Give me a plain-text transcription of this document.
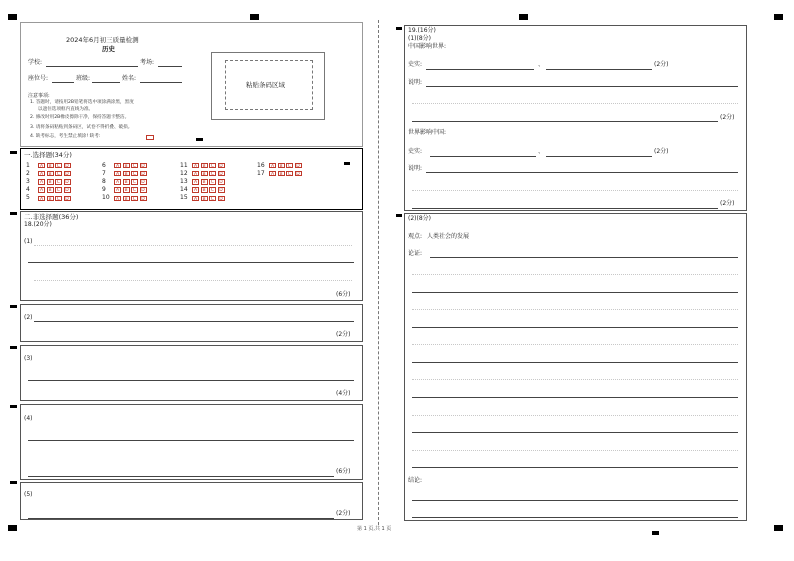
2024年6月初三质量检测
历史
学校:	考场:
座位号:	班级:	姓名:
注意事项:
1. 答题时，请按用2B铅笔将选中项涂满涂黑，黑度
以遮住选项框内直线为准。
2. 修改时用2B橡皮擦除干净，保持答题卡整洁。
3. 请将条码粘贴到条码区，试卷不得折叠、破损。
4. 缺考标志，考生禁止填涂! 缺考:
粘贴条码区域
一.选择题(34分)
1	A	B	C	D
2	A	B	C	D
3	A	B	C	D
4	A	B	C	D
5	A	B	C	D
6	A	B	C	D
7	A	B	C	D
8	A	B	C	D
9	A	B	C	D
10	A	B	C	D
11	A	B	C	D
12	A	B	C	D
13	A	B	C	D
14	A	B	C	D
15	A	B	C	D
16	A	B	C	D
17	A	B	C	D
二.非选择题(36分)
18.(20分)
(1)
(6分)
(2)
(2分)
(3)
(4分)
(4)
(6分)
(5)
(2分)
第 1 页,共 1 页
19.(16分)
(1)(8分)
中国影响世界:
史实:	、	(2分)
说明:
(2分)
世界影响中国:
史实:	、	(2分)
说明:
(2分)
(2)(8分)
观点: 人类社会的发展
论证:
结论:
